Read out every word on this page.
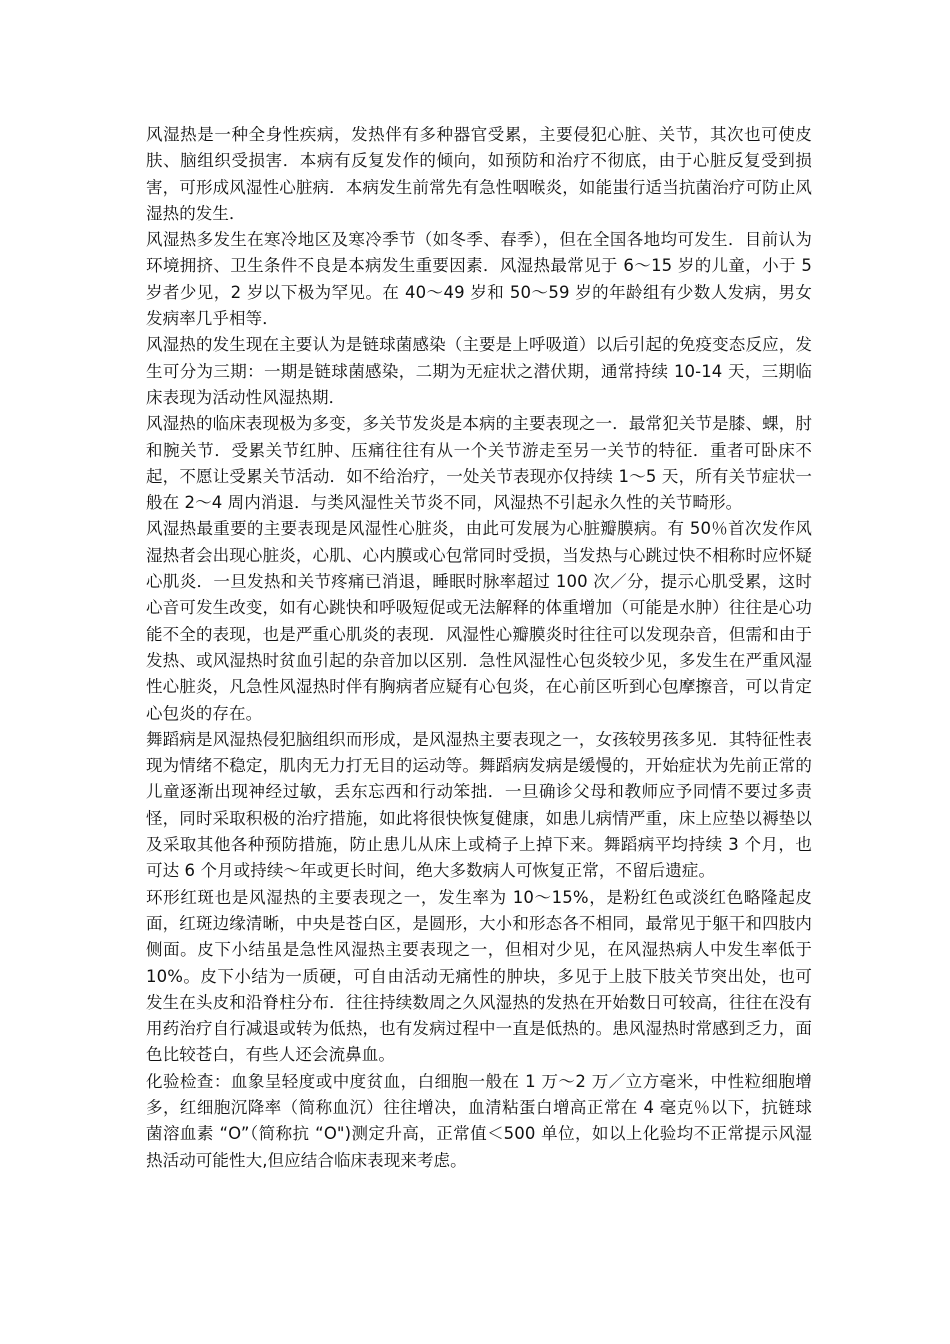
风湿热是一种全身性疾病，发热伴有多种器官受累，主要侵犯心脏、关节，其次也可使皮肤、脑组织受损害．本病有反复发作的倾向，如预防和治疗不彻底，由于心脏反复受到损害，可形成风湿性心脏病．本病发生前常先有急性咽喉炎，如能蚩行适当抗菌治疗可防止风湿热的发生．

风湿热多发生在寒冷地区及寒冷季节（如冬季、春季），但在全国各地均可发生．目前认为环境拥挤、卫生条件不良是本病发生重要因素．风湿热最常见于 6～15 岁的儿童，小于 5 岁者少见，2 岁以下极为罕见。在 40～49 岁和 50～59 岁的年龄组有少数人发病，男女发病率几乎相等．

风湿热的发生现在主要认为是链球菌感染（主要是上呼吸道）以后引起的免疫变态反应，发生可分为三期：一期是链球菌感染，二期为无症状之潜伏期，通常持续 10-14 天，三期临床表现为活动性风湿热期．

风湿热的临床表现极为多变，多关节发炎是本病的主要表现之一．最常犯关节是膝、蜾，肘和腕关节．受累关节红肿、压痛往往有从一个关节游走至另一关节的特征．重者可卧床不起，不愿让受累关节活动．如不给治疗，一处关节表现亦仅持续 1～5 天，所有关节症状一般在 2～4 周内消退．与类风湿性关节炎不同，风湿热不引起永久性的关节畸形。

风湿热最重要的主要表现是风湿性心脏炎，由此可发展为心脏瓣膜病。有 50％首次发作风湿热者会出现心脏炎，心肌、心内膜或心包常同时受损，当发热与心跳过快不相称时应怀疑心肌炎．一旦发热和关节疼痛已消退，睡眠时脉率超过 100 次／分，提示心肌受累，这时心音可发生改变，如有心跳快和呼吸短促或无法解释的体重增加（可能是水肿）往往是心功能不全的表现，也是严重心肌炎的表现．风湿性心瓣膜炎时往往可以发现杂音，但需和由于发热、或风湿热时贫血引起的杂音加以区别．急性风湿性心包炎较少见，多发生在严重风湿性心脏炎，凡急性风湿热时伴有胸病者应疑有心包炎，在心前区听到心包摩擦音，可以肯定心包炎的存在。

舞蹈病是风湿热侵犯脑组织而形成，是风湿热主要表现之一，女孩较男孩多见．其特征性表现为情绪不稳定，肌肉无力打无目的运动等。舞蹈病发病是缓慢的，开始症状为先前正常的儿童逐渐出现神经过敏，丢东忘西和行动笨拙．一旦确诊父母和教师应予同情不要过多责怪，同时采取积极的治疗措施，如此将很快恢复健康，如患儿病情严重，床上应垫以褥垫以及采取其他各种预防措施，防止患儿从床上或椅子上掉下来。舞蹈病平均持续 3 个月，也可达 6 个月或持续～年或更长时间，绝大多数病人可恢复正常，不留后遗症。

环形红斑也是风湿热的主要表现之一，发生率为 10～15%，是粉红色或淡红色略隆起皮面，红斑边缘清晰，中央是苍白区，是圆形，大小和形态各不相同，最常见于躯干和四肢内侧面。皮下小结虽是急性风湿热主要表现之一，但相对少见，在风湿热病人中发生率低于 10%。皮下小结为一质硬，可自由活动无痛性的肿块，多见于上肢下肢关节突出处，也可发生在头皮和沿脊柱分布．往往持续数周之久风湿热的发热在开始数日可较高，往往在没有用药治疗自行减退或转为低热，也有发病过程中一直是低热的。患风湿热时常感到乏力，面色比较苍白，有些人还会流鼻血。

化验检查：血象呈轻度或中度贫血，白细胞一般在 1 万～2 万／立方毫米，中性粒细胞增多，红细胞沉降率（简称血沉）往往增决，血清粘蛋白增高正常在 4 毫克％以下，抗链球菌溶血素 “O”（简称抗 “O")测定升高，正常值＜500 单位，如以上化验均不正常提示风湿热活动可能性大,但应结合临床表现来考虑。
